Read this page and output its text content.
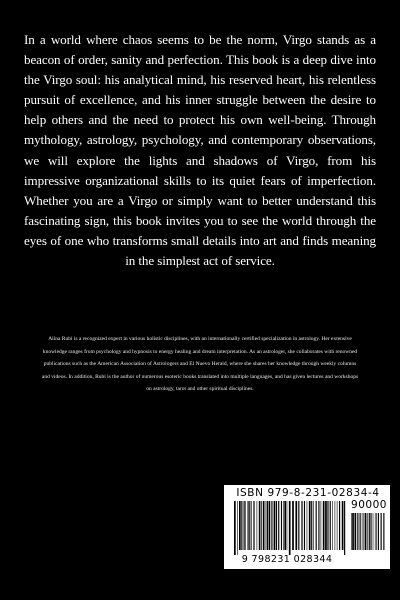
In a world where chaos seems to be the norm, Virgo stands as a beacon of order, sanity and perfection. This book is a deep dive into the Virgo soul: his analytical mind, his reserved heart, his relentless pursuit of excellence, and his inner struggle between the desire to help others and the need to protect his own well-being. Through mythology, astrology, psychology, and contemporary observations, we will explore the lights and shadows of Virgo, from his impressive organizational skills to its quiet fears of imperfection. Whether you are a Virgo or simply want to better understand this fascinating sign, this book invites you to see the world through the eyes of one who transforms small details into art and finds meaning in the simplest act of service.

Alina Rubi is a recognized expert in various holistic disciplines, with an internationally certified specialization in astrology. Her extensive knowledge ranges from psychology and hypnosis to energy healing and dream interpretation. As an astrologer, she collaborates with renowned publications such as the American Association of Astrologers and El Nuevo Herald, where she shares her knowledge through weekly columns and videos. In addition, Rubi is the author of numerous esoteric books translated into multiple languages, and has given lectures and workshops on astrology, tarot and other spiritual disciplines.

ISBN 979-8-231-02834-4
90000
9 798231 028344
